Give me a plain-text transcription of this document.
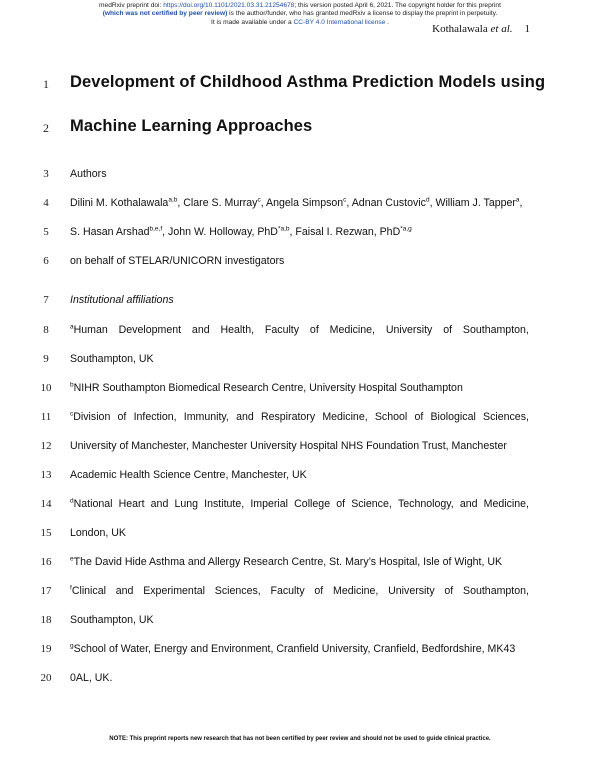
medRxiv preprint doi: https://doi.org/10.1101/2021.03.31.21254678; this version posted April 6, 2021. The copyright holder for this preprint
(which was not certified by peer review) is the author/funder, who has granted medRxiv a license to display the preprint in perpetuity.
It is made available under a CC-BY 4.0 International license .
Kothalawala et al. 1
1	Development of Childhood Asthma Prediction Models using
2	Machine Learning Approaches
3	Authors
4	Dilini M. Kothalawala$^{a,b}$, Clare S. Murray$^c$, Angela Simpson$^c$, Adnan Custovic$^d$, William J. Tapper$^a$,
5	S. Hasan Arshad$^{b,e,f}$, John W. Holloway, PhD$^{*a,b}$, Faisal I. Rezwan, PhD$^{*a,g}$
6	on behalf of STELAR/UNICORN investigators
7	Institutional affiliations
8	$^a$Human Development and Health, Faculty of Medicine, University of Southampton,
9	Southampton, UK
10	$^b$NIHR Southampton Biomedical Research Centre, University Hospital Southampton
11	$^c$Division of Infection, Immunity, and Respiratory Medicine, School of Biological Sciences,
12	University of Manchester, Manchester University Hospital NHS Foundation Trust, Manchester
13	Academic Health Science Centre, Manchester, UK
14	$^d$National Heart and Lung Institute, Imperial College of Science, Technology, and Medicine,
15	London, UK
16	$^e$The David Hide Asthma and Allergy Research Centre, St. Mary’s Hospital, Isle of Wight, UK
17	$^f$Clinical and Experimental Sciences, Faculty of Medicine, University of Southampton,
18	Southampton, UK
19	$^g$School of Water, Energy and Environment, Cranfield University, Cranfield, Bedfordshire, MK43
20	0AL, UK.
NOTE: This preprint reports new research that has not been certified by peer review and should not be used to guide clinical practice.
